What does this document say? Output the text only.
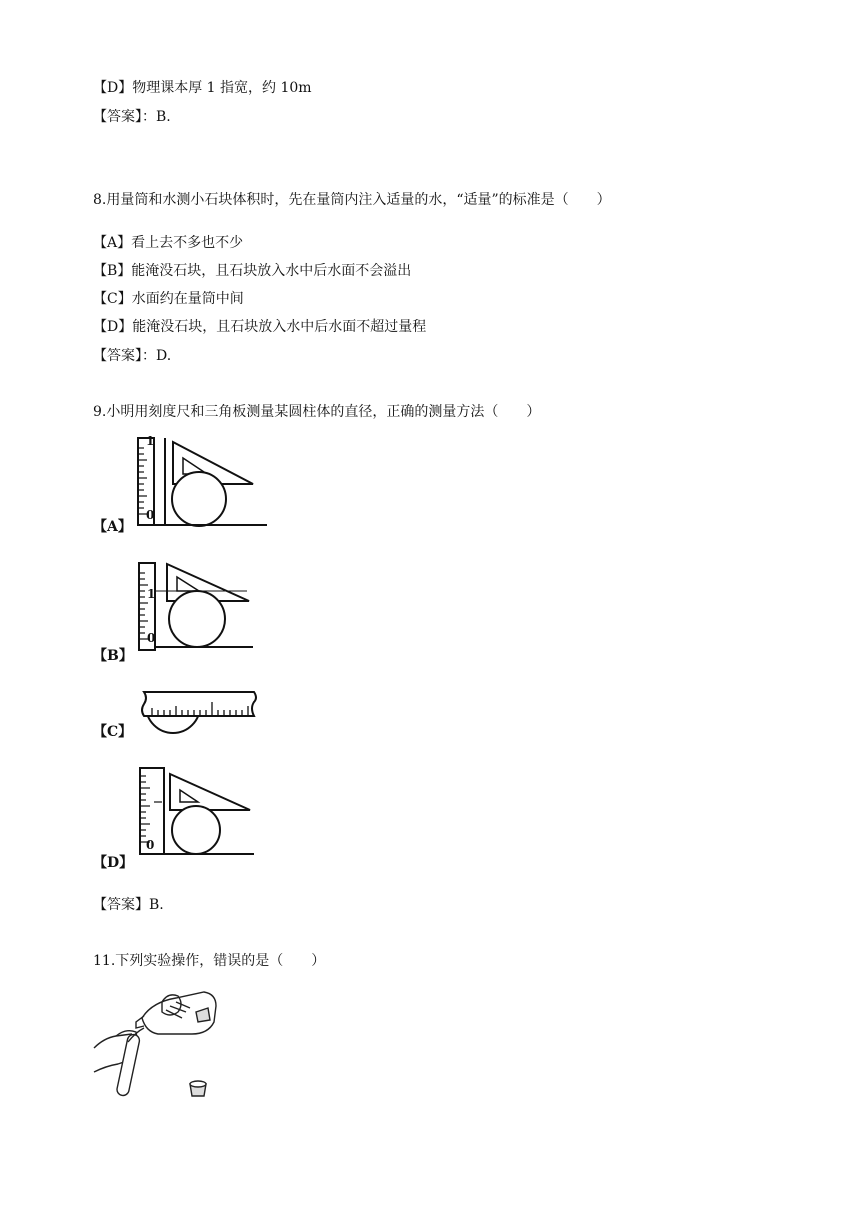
【D】物理课本厚 1 指宽，约 10m
【答案】：B.
8.用量筒和水测小石块体积时，先在量筒内注入适量的水，“适量”的标准是（　　）
【A】看上去不多也不少
【B】能淹没石块，且石块放入水中后水面不会溢出
【C】水面约在量筒中间
【D】能淹没石块，且石块放入水中后水面不超过量程
【答案】：D.
9.小明用刻度尺和三角板测量某圆柱体的直径，正确的测量方法（　　）
1
0
【A】
1
0
【B】
【C】
0
【D】
【答案】B.
11.下列实验操作，错误的是（　　）
